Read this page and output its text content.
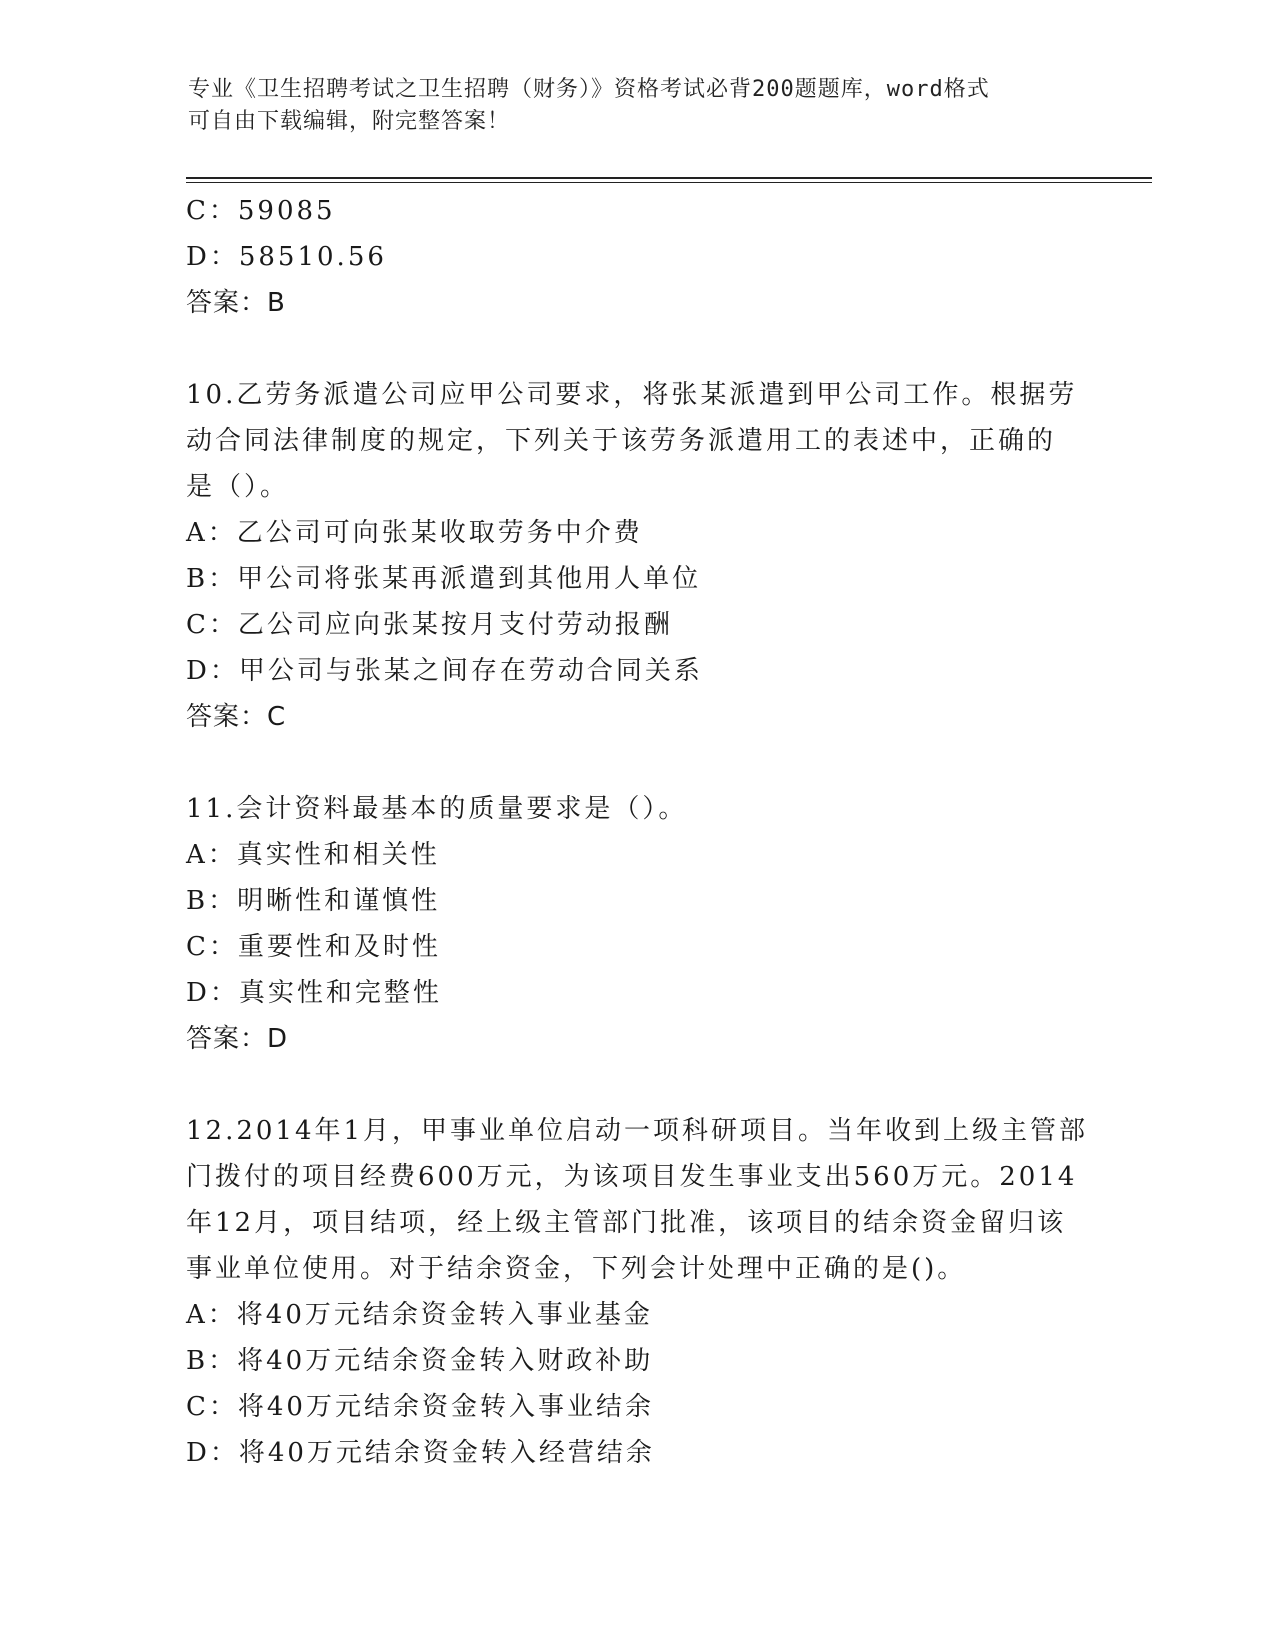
专业《卫生招聘考试之卫生招聘（财务）》资格考试必背200题题库，word格式
可自由下载编辑，附完整答案！
C：59085
D：58510.56
答案：B
10.乙劳务派遣公司应甲公司要求，将张某派遣到甲公司工作。根据劳
动合同法律制度的规定，下列关于该劳务派遣用工的表述中，正确的
是（）。
A：乙公司可向张某收取劳务中介费
B：甲公司将张某再派遣到其他用人单位
C：乙公司应向张某按月支付劳动报酬
D：甲公司与张某之间存在劳动合同关系
答案：C
11.会计资料最基本的质量要求是（）。
A：真实性和相关性
B：明晰性和谨慎性
C：重要性和及时性
D：真实性和完整性
答案：D
12.2014年1月，甲事业单位启动一项科研项目。当年收到上级主管部
门拨付的项目经费600万元，为该项目发生事业支出560万元。2014
年12月，项目结项，经上级主管部门批准，该项目的结余资金留归该
事业单位使用。对于结余资金，下列会计处理中正确的是()。
A：将40万元结余资金转入事业基金
B：将40万元结余资金转入财政补助
C：将40万元结余资金转入事业结余
D：将40万元结余资金转入经营结余
